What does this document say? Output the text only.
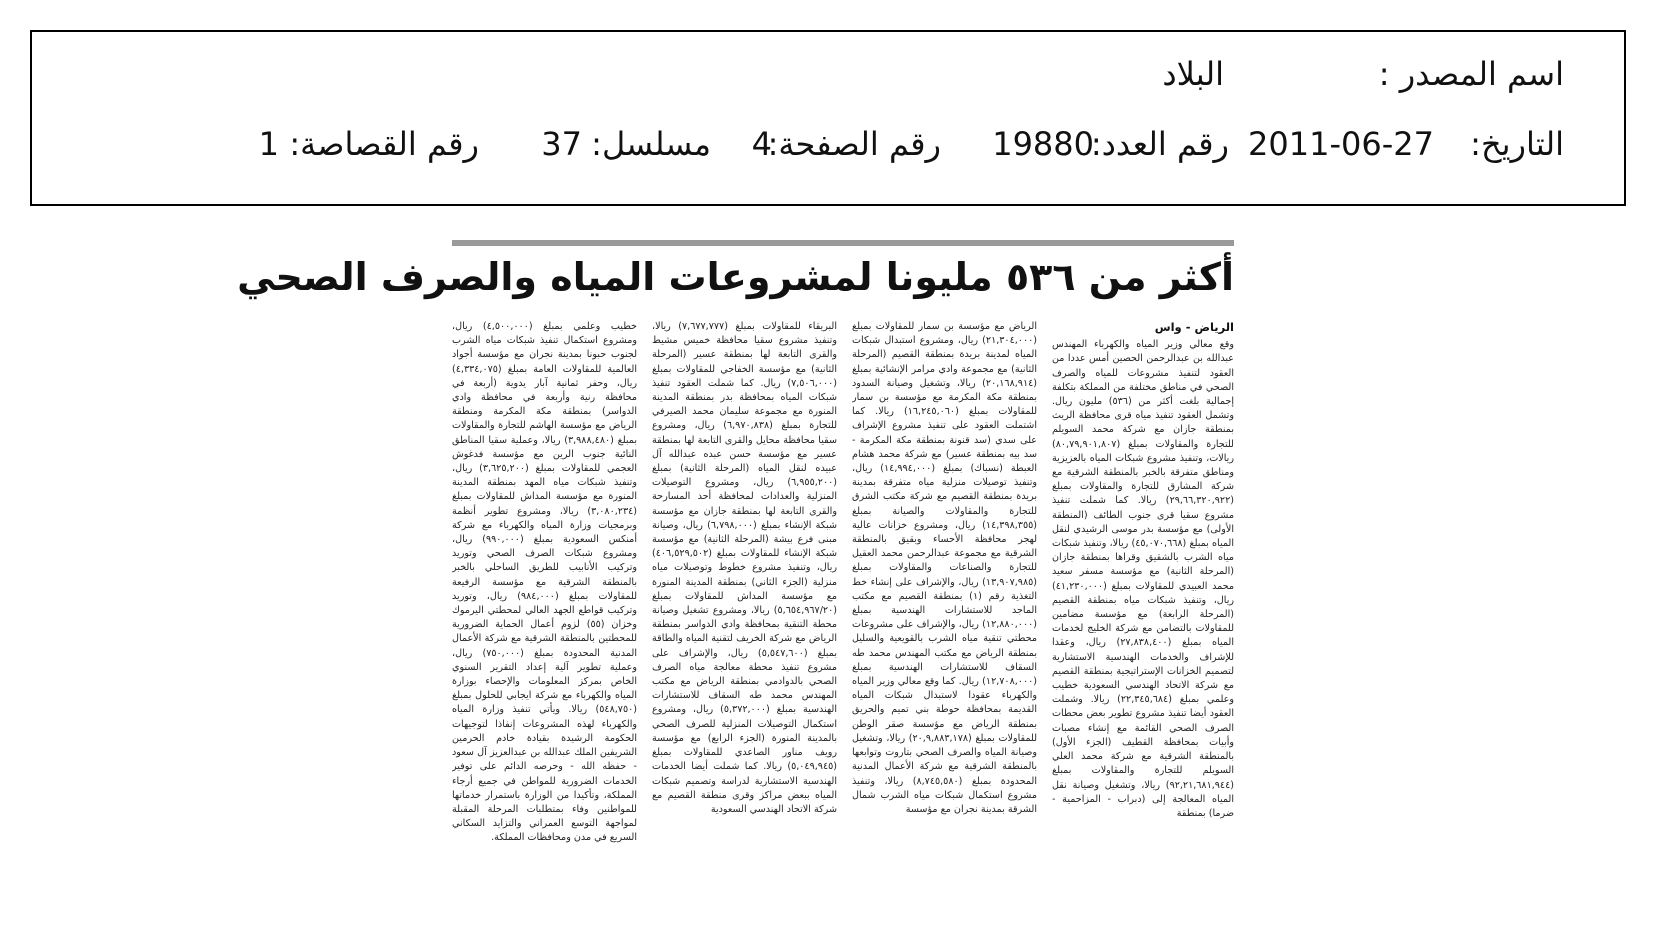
اسم المصدر :
البلاد
التاريخ:
2011-06-27
رقم العدد:
19880
رقم الصفحة:
4
مسلسل:
37
رقم القصاصة:
1
أكثر من ٥٣٦ مليونا لمشروعات المياه والصرف الصحي
الرياض - واس

وقع معالي وزير المياه والكهرباء المهندس عبدالله بن عبدالرحمن الحصين أمس عددا من العقود لتنفيذ مشروعات للمياه والصرف الصحي في مناطق مختلفة من المملكة بتكلفة إجمالية بلغت أكثر من (٥٣٦) مليون ريال. وتشمل العقود تنفيذ مياه قرى محافظة الريث بمنطقة جازان مع شركة محمد السويلم للتجارة والمقاولات بمبلغ (٨٠,٧٩,٩٠١,٨٠٧) ريالات، وتنفيذ مشروع شبكات المياه بالعزيزية ومناطق متفرقة بالخبر بالمنطقة الشرقية مع شركة المشارق للتجارة والمقاولات بمبلغ (٢٩,٦٦,٣٢٠,٩٢٢) ريالا. كما شملت تنفيذ مشروع سقيا قرى جنوب الطائف (المنطقة الأولى) مع مؤسسة بدر موسى الرشيدي لنقل المياه بمبلغ (٤٥,٠٧٠,٦٦٨) ريالا، وتنفيذ شبكات مياه الشرب بالشقيق وقراها بمنطقة جازان (المرحلة الثانية) مع مؤسسة مسفر سعيد محمد العبيدي للمقاولات بمبلغ (٤١,٢٣٠,٠٠٠) ريال، وتنفيذ شبكات مياه بمنطقة القصيم (المرحلة الرابعة) مع مؤسسة مضامين للمقاولات بالتضامن مع شركة الخليج لخدمات المياه بمبلغ (٢٧,٨٣٨,٤٠٠) ريال، وعقدا للإشراف والخدمات الهندسية الاستشارية لتصميم الخزانات الإستراتيجية بمنطقة القصيم مع شركة الاتحاد الهندسي السعودية خطيب وعلمي بمبلغ (٢٢,٣٤٥,٦٨٤) ريالا. وشملت العقود أيضا تنفيذ مشروع تطوير بعض محطات الصرف الصحي القائمة مع إنشاء مصبات وأبيات بمحافظة القطيف (الجزء الأول) بالمنطقة الشرقية مع شركة محمد العلي السويلم للتجارة والمقاولات بمبلغ (٩٢,٢١,٦٨١,٩٤٤) ريالا، وتشغيل وصيانة نقل المياه المعالجة إلى (دبراب - المزاحمية - ضرما) بمنطقة

الرياض مع مؤسسة بن سمار للمقاولات بمبلغ (٢١,٣٠٤,٠٠٠) ريال، ومشروع استبدال شبكات المياه لمدينة بريدة بمنطقة القصيم (المرحلة الثانية) مع مجموعة وادي مرامر الإنشائية بمبلغ (٢٠,١٦٨,٩١٤) ريالا، وتشغيل وصيانة السدود بمنطقة مكة المكرمة مع مؤسسة بن سمار للمقاولات بمبلغ (١٦,٢٤٥,٠٦٠) ريالا. كما اشتملت العقود على تنفيذ مشروع الإشراف على سدي (سد قنونة بمنطقة مكة المكرمة - سد بيه بمنطقة عسير) مع شركة محمد هشام العبطة (نسباك) بمبلغ (١٤,٩٩٤,٠٠٠) ريال، وتنفيذ توصيلات منزلية مياه متفرقة بمدينة بريدة بمنطقة القصيم مع شركة مكتب الشرق للتجارة والمقاولات والصيانة بمبلغ (١٤,٣٩٨,٣٥٥) ريال، ومشروع خزانات عالية لهجر محافظة الأحساء وبقيق بالمنطقة الشرقية مع مجموعة عبدالرحمن محمد العقيل للتجارة والصناعات والمقاولات بمبلغ (١٣,٩٠٧,٩٨٥) ريال، والإشراف على إنشاء خط التغذية رقم (١) بمنطقة القصيم مع مكتب الماجد للاستشارات الهندسية بمبلغ (١٢,٨٨٠,٠٠٠) ريال، والإشراف على مشروعات محطتي تنقية مياه الشرب بالقويعية والسليل بمنطقة الرياض مع مكتب المهندس محمد طه السقاف للاستشارات الهندسية بمبلغ (١٢,٧٠٨,٠٠٠) ريال. كما وقع معالي وزير المياه والكهرباء عقودا لاستبدال شبكات المياه القديمة بمحافظة حوطة بني تميم والحريق بمنطقة الرياض مع مؤسسة صقر الوطن للمقاولات بمبلغ (٢٠,٩,٨٨٣,١٧٨) ريالا، وتشغيل وصيانة المياه والصرف الصحي بتاروت وتوابعها بالمنطقة الشرقية مع شركة الأعمال المدنية المحدودة بمبلغ (٨,٧٤٥,٥٨٠) ريالا، وتنفيذ مشروع استكمال شبكات مياه الشرب شمال الشرقة بمدينة نجران مع مؤسسة

البريقاء للمقاولات بمبلغ (٧,٦٧٧,٧٧٧) ريالا، وتنفيذ مشروع سقيا محافظة خميس مشيط والقرى التابعة لها بمنطقة عسير (المرحلة الثانية) مع مؤسسة الخفاجي للمقاولات بمبلغ (٧,٥٠٦,٠٠٠) ريال. كما شملت العقود تنفيذ شبكات المياه بمحافظة بدر بمنطقة المدينة المنورة مع مجموعة سليمان محمد الصيرفي للتجارة بمبلغ (٦,٩٧٠,٨٣٨) ريال، ومشروع سقيا محافظة محايل والقرى التابعة لها بمنطقة عسير مع مؤسسة حسن عبده عبدالله آل عبيده لنقل المياه (المرحلة الثانية) بمبلغ (٦,٩٥٥,٢٠٠) ريال، ومشروع التوصيلات المنزلية والعدادات لمحافظة أحد المسارحة والقرى التابعة لها بمنطقة جازان مع مؤسسة شبكة الإنشاء بمبلغ (٦,٧٩٨,٠٠٠) ريال، وصيانة مبنى فرع بيشة (المرحلة الثانية) مع مؤسسة شبكة الإنشاء للمقاولات بمبلغ (٤٠٦,٥٢٩,٥٠٢) ريال، وتنفيذ مشروع خطوط وتوصيلات مياه منزلية (الجزء الثاني) بمنطقة المدينة المنورة مع مؤسسة المداش للمقاولات بمبلغ (٥,٦٥٤,٩٦٧/٢٠) ريالا، ومشروع تشغيل وصيانة محطة التنقية بمحافظة وادي الدواسر بمنطقة الرياض مع شركة الخريف لتقنية المياه والطاقة بمبلغ (٥,٥٤٧,٦٠٠) ريال، والإشراف على مشروع تنفيذ محطة معالجة مياه الصرف الصحي بالدوادمي بمنطقة الرياض مع مكتب المهندس محمد طه السقاف للاستشارات الهندسية بمبلغ (٥,٣٧٢,٠٠٠) ريال، ومشروع استكمال التوصيلات المنزلية للصرف الصحي بالمدينة المنورة (الجزء الرابع) مع مؤسسة رويف مناور الصاعدي للمقاولات بمبلغ (٥,٠٤٩,٩٤٥) ريالا. كما شملت أيضا الخدمات الهندسية الاستشارية لدراسة وتصميم شبكات المياه ببعض مراكز وقرى منطقة القصيم مع شركة الاتحاد الهندسي السعودية

خطيب وعلمي بمبلغ (٤,٥٠٠,٠٠٠) ريال، ومشروع استكمال تنفيذ شبكات مياه الشرب لجنوب حبونا بمدينة نجران مع مؤسسة أجواد العالمية للمقاولات العامة بمبلغ (٤,٣٣٤,٠٧٥) ريال، وحفر ثمانية آبار يدوية (أربعة في محافظة رنية وأربعة في محافظة وادي الدواسر) بمنطقة مكة المكرمة ومنطقة الرياض مع مؤسسة الهاشم للتجارة والمقاولات بمبلغ (٣,٩٨٨,٤٨٠) ريالا، وعملية سقيا المناطق النائية جنوب الرين مع مؤسسة فدغوش العجمي للمقاولات بمبلغ (٣,٦٢٥,٢٠٠) ريال، وتنفيذ شبكات مياه المهد بمنطقة المدينة المنورة مع مؤسسة المداش للمقاولات بمبلغ (٣,٠٨٠,٢٣٤) ريالا، ومشروع تطوير أنظمة وبرمجيات وزارة المياه والكهرباء مع شركة أمنكس السعودية بمبلغ (٩٩٠,٠٠٠) ريال، ومشروع شبكات الصرف الصحي وتوريد وتركيب الأنابيب للطريق الساحلي بالخبر بالمنطقة الشرقية مع مؤسسة الرفيعة للمقاولات بمبلغ (٩٨٤,٠٠٠) ريال، وتوريد وتركيب قواطع الجهد العالي لمحطتي اليرموك وخزان (٥٥) لزوم أعمال الحماية الضرورية للمحطتين بالمنطقة الشرقية مع شركة الأعمال المدنية المحدودة بمبلغ (٧٥٠,٠٠٠) ريال، وعملية تطوير آلية إعداد التقرير السنوي الخاص بمركز المعلومات والإحصاء بوزارة المياه والكهرباء مع شركة ايجابي للحلول بمبلغ (٥٤٨,٧٥٠) ريالا. ويأتي تنفيذ وزارة المياه والكهرباء لهذه المشروعات إنفاذا لتوجيهات الحكومة الرشيدة بقيادة خادم الحرمين الشريفين الملك عبدالله بن عبدالعزيز آل سعود - حفظه الله - وحرصه الدائم على توفير الخدمات الضرورية للمواطن في جميع أرجاء المملكة، وتأكيدا من الوزارة باستمرار خدماتها للمواطنين وفاء بمتطلبات المرحلة المقبلة لمواجهة التوسع العمراني والتزايد السكاني السريع في مدن ومحافظات المملكة.
